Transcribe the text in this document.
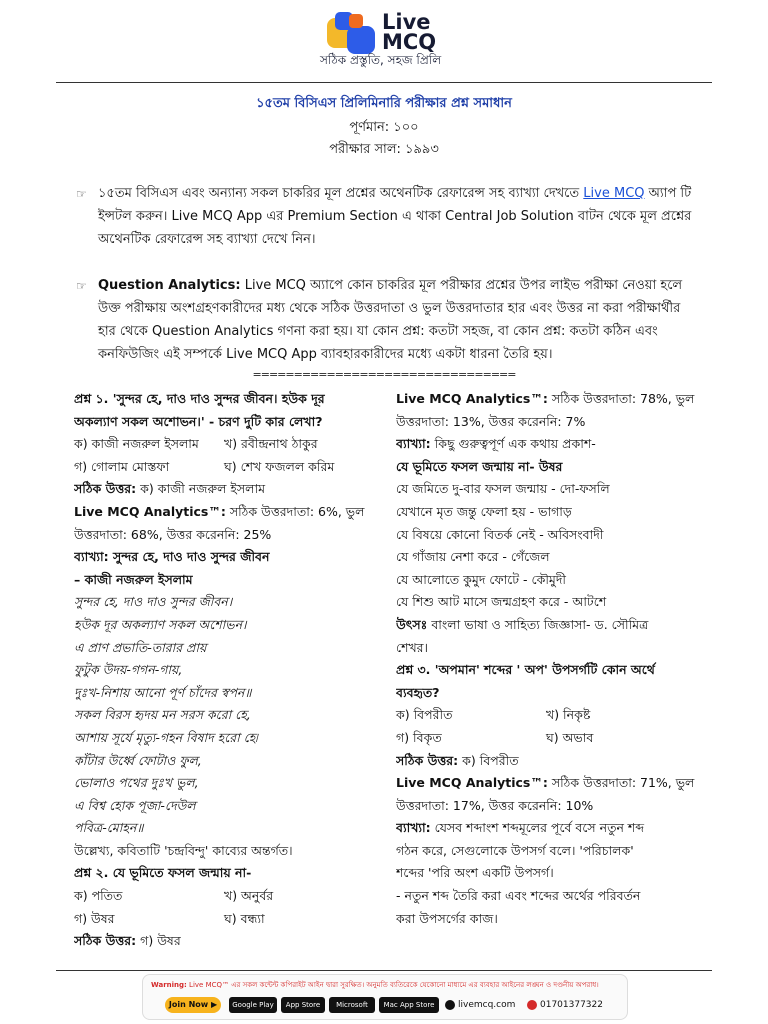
Live
MCQ
সঠিক প্রস্তুতি, সহজ প্রিলি
১৫তম বিসিএস প্রিলিমিনারি পরীক্ষার প্রশ্ন সমাধান
পূর্ণমান: ১০০
পরীক্ষার সাল: ১৯৯৩
☞ ১৫তম বিসিএস এবং অন্যান্য সকল চাকরির মূল প্রশ্নের অথেনটিক রেফারেন্স সহ ব্যাখ্যা দেখতে Live MCQ অ্যাপ টি ইন্সটল করুন। Live MCQ App এর Premium Section এ থাকা Central Job Solution বাটন থেকে মূল প্রশ্নের অথেনটিক রেফারেন্স সহ ব্যাখ্যা দেখে নিন।

☞ Question Analytics: Live MCQ অ্যাপে কোন চাকরির মূল পরীক্ষার প্রশ্নের উপর লাইভ পরীক্ষা নেওয়া হলে উক্ত পরীক্ষায় অংশগ্রহণকারীদের মধ্য থেকে সঠিক উত্তরদাতা ও ভুল উত্তরদাতার হার এবং উত্তর না করা পরীক্ষার্থীর হার থেকে Question Analytics গণনা করা হয়। যা কোন প্রশ্ন: কতটা সহজ, বা কোন প্রশ্ন: কতটা কঠিন এবং কনফিউজিং এই সম্পর্কে Live MCQ App ব্যাবহারকারীদের মধ্যে একটা ধারনা তৈরি হয়।

================================
প্রশ্ন ১. 'সুন্দর হে, দাও দাও সুন্দর জীবন। হউক দূর
অকল্যাণ সকল অশোভন।' - চরণ দুটি কার লেখা?
ক) কাজী নজরুল ইসলাম	খ) রবীন্দ্রনাথ ঠাকুর
গ) গোলাম মোস্তফা	ঘ) শেখ ফজলল করিম
সঠিক উত্তর: ক) কাজী নজরুল ইসলাম
Live MCQ Analytics™: সঠিক উত্তরদাতা: 6%, ভুল
উত্তরদাতা: 68%, উত্তর করেননি: 25%
ব্যাখ্যা: সুন্দর হে, দাও দাও সুন্দর জীবন
– কাজী নজরুল ইসলাম
সুন্দর হে, দাও দাও সুন্দর জীবন।
হউক দূর অকল্যাণ সকল অশোভন।
এ প্রাণ প্রভাতি-তারার প্রায়
ফুটুক উদয়-গগন-গায়,
দুঃখ-নিশায় আনো পূর্ণ চাঁদের স্বপন॥
সকল বিরস হৃদয় মন সরস করো হে,
আশায় সূর্যে মৃত্যু-গহন বিষাদ হরো হে৷
কাঁটার উর্ধ্বে ফোটাও ফুল,
ভোলাও পথের দুঃখ ভুল,
এ বিশ্ব হোক পূজা-দেউল
পবিত্র-মোহন॥
উল্লেখ্য, কবিতাটি 'চন্দ্রবিন্দু' কাব্যের অন্তর্গত।
প্রশ্ন ২. যে ভূমিতে ফসল জন্মায় না-
ক) পতিত	খ) অনুর্বর
গ) উষর	ঘ) বন্ধ্যা
সঠিক উত্তর: গ) উষর
Live MCQ Analytics™: সঠিক উত্তরদাতা: 78%, ভুল
উত্তরদাতা: 13%, উত্তর করেননি: 7%
ব্যাখ্যা: কিছু গুরুত্বপূর্ণ এক কথায় প্রকাশ-
যে ভূমিতে ফসল জন্মায় না- উষর
যে জমিতে দু-বার ফসল জন্মায় - দো-ফসলি
যেখানে মৃত জন্তু ফেলা হয় - ভাগাড়
যে বিষয়ে কোনো বিতর্ক নেই - অবিসংবাদী
যে গাঁজায় নেশা করে - গেঁজেল
যে আলোতে কুমুদ ফোটে - কৌমুদী
যে শিশু আট মাসে জন্মগ্রহণ করে - আটশে
উৎসঃ বাংলা ভাষা ও সাহিত্য জিজ্ঞাসা- ড. সৌমিত্র
শেখর।
প্রশ্ন ৩. 'অপমান' শব্দের ' অপ' উপসর্গটি কোন অর্থে
ব্যবহৃত?
ক) বিপরীত	খ) নিকৃষ্ট
গ) বিকৃত	ঘ) অভাব
সঠিক উত্তর: ক) বিপরীত
Live MCQ Analytics™: সঠিক উত্তরদাতা: 71%, ভুল
উত্তরদাতা: 17%, উত্তর করেননি: 10%
ব্যাখ্যা: যেসব শব্দাংশ শব্দমূলের পূর্বে বসে নতুন শব্দ
গঠন করে, সেগুলোকে উপসর্গ বলে। 'পরিচালক'
শব্দের 'পরি অংশ একটি উপসর্গ।
- নতুন শব্দ তৈরি করা এবং শব্দের অর্থের পরিবর্তন
করা উপসর্গের কাজ।
Warning: Live MCQ™ এর সকল কন্টেন্ট কপিরাইট আইন দ্বারা সুরক্ষিত। অনুমতি ব্যতিরেকে যেকোনো মাধ্যমে এর ব্যবহার আইনের লঙ্ঘন ও দণ্ডনীয় অপরাধ।
Join Now ▶	Google Play	App Store	Microsoft	Mac App Store	livemcq.com	01701377322
